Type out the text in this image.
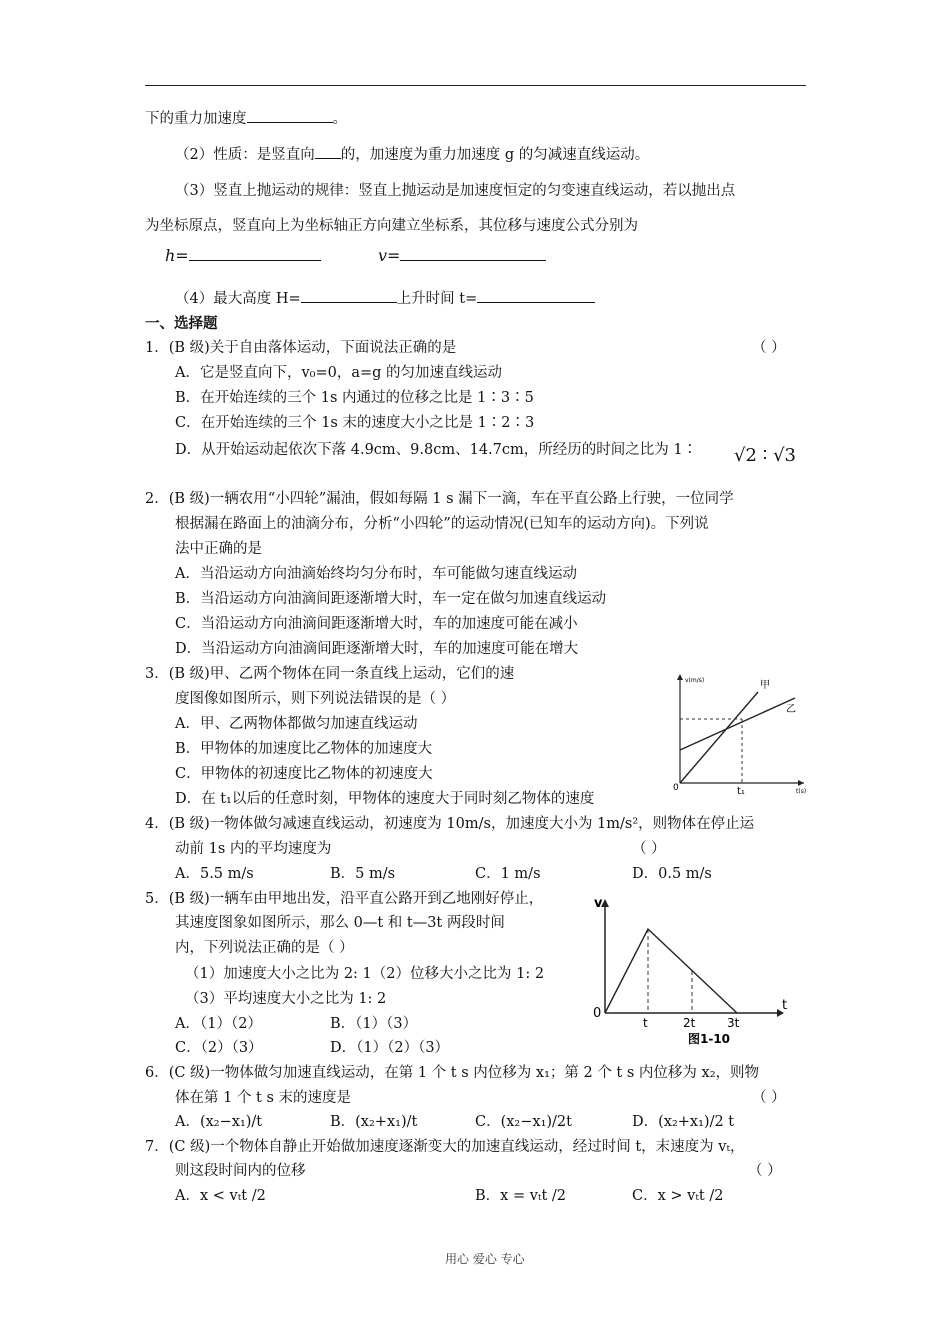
下的重力加速度	。
（2）性质：是竖直向 的，加速度为重力加速度 g 的匀减速直线运动。
（3）竖直上抛运动的规律：竖直上抛运动是加速度恒定的匀变速直线运动，若以抛出点
为坐标原点，竖直向上为坐标轴正方向建立坐标系，其位移与速度公式分别为
h=	v=
（4）最大高度 H=	上升时间 t=
一、选择题
1．(B 级)关于自由落体运动，下面说法正确的是	（ ）
A．它是竖直向下，v₀=0，a=g 的匀加速直线运动
B．在开始连续的三个 1s 内通过的位移之比是 1∶3∶5
C．在开始连续的三个 1s 末的速度大小之比是 1∶2∶3
D．从开始运动起依次下落 4.9cm、9.8cm、14.7cm，所经历的时间之比为 1∶ √2 ∶ √3
2．(B 级)一辆农用“小四轮”漏油，假如每隔 1 s 漏下一滴，车在平直公路上行驶，一位同学
根据漏在路面上的油滴分布，分析“小四轮”的运动情况(已知车的运动方向)。下列说
法中正确的是
A．当沿运动方向油滴始终均匀分布时，车可能做匀速直线运动
B．当沿运动方向油滴间距逐渐增大时，车一定在做匀加速直线运动
C．当沿运动方向油滴间距逐渐增大时，车的加速度可能在减小
D．当沿运动方向油滴间距逐渐增大时，车的加速度可能在增大
3．(B 级)甲、乙两个物体在同一条直线上运动，它们的速
度图像如图所示，则下列说法错误的是（ ）
A．甲、乙两物体都做匀加速直线运动
B．甲物体的加速度比乙物体的加速度大
C．甲物体的初速度比乙物体的初速度大
D．在 t₁以后的任意时刻，甲物体的速度大于同时刻乙物体的速度
v(m/s)
t(s)
0
甲
乙
t₁
4．(B 级)一物体做匀减速直线运动，初速度为 10m/s，加速度大小为 1m/s²，则物体在停止运
动前 1s 内的平均速度为	（ ）
A．5.5 m/s	B．5 m/s	C．1 m/s	D．0.5 m/s
5．(B 级)一辆车由甲地出发，沿平直公路开到乙地刚好停止，
其速度图象如图所示，那么 0—t 和 t—3t 两段时间
内，下列说法正确的是（ ）
（1）加速度大小之比为 2: 1（2）位移大小之比为 1: 2
（3）平均速度大小之比为 1: 2
A．（1）（2）	B．（1）（3）
C．（2）（3）	D．（1）（2）（3）
v
t
0
t	2t	3t
图1-10
6．(C 级)一物体做匀加速直线运动，在第 1 个 t s 内位移为 x₁；第 2 个 t s 内位移为 x₂，则物
体在第 1 个 t s 末的速度是	（ ）
A．(x₂−x₁)/t	B．(x₂+x₁)/t	C．(x₂−x₁)/2t	D．(x₂+x₁)/2 t
7．(C 级)一个物体自静止开始做加速度逐渐变大的加速直线运动，经过时间 t，末速度为 vₜ，
则这段时间内的位移	（ ）
A．x < vₜt /2	B．x = vₜt /2	C．x > vₜt /2
用心 爱心 专心
